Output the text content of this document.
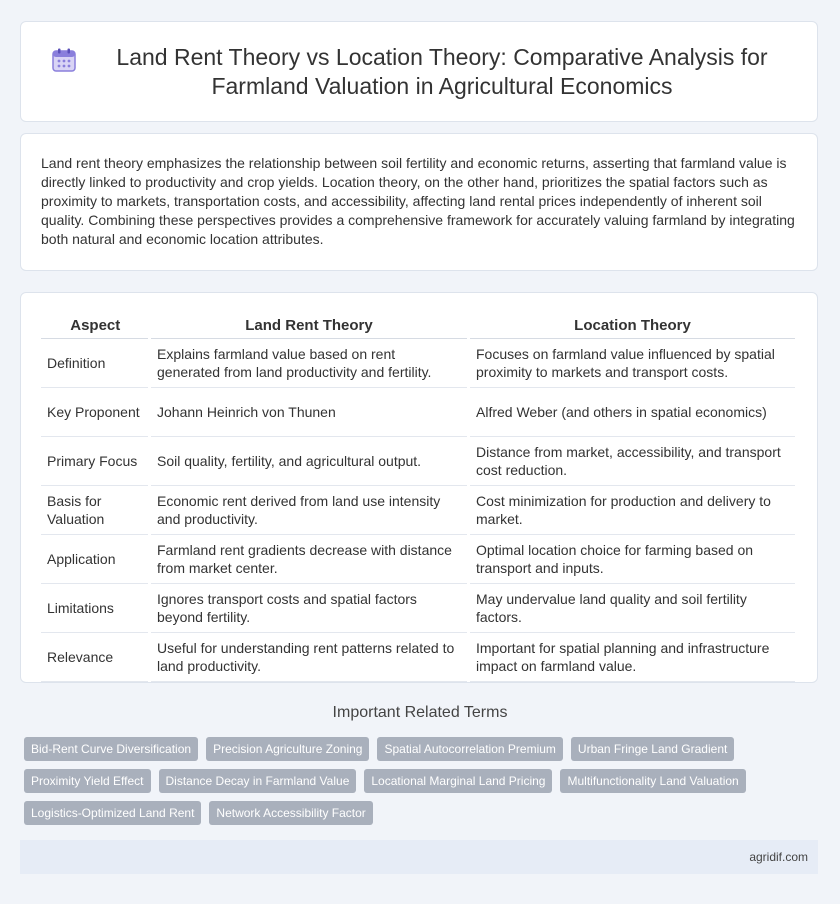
Land Rent Theory vs Location Theory: Comparative Analysis for Farmland Valuation in Agricultural Economics

Land rent theory emphasizes the relationship between soil fertility and economic returns, asserting that farmland value is directly linked to productivity and crop yields. Location theory, on the other hand, prioritizes the spatial factors such as proximity to markets, transportation costs, and accessibility, affecting land rental prices independently of inherent soil quality. Combining these perspectives provides a comprehensive framework for accurately valuing farmland by integrating both natural and economic location attributes.

Aspect	Land Rent Theory	Location Theory
Definition	Explains farmland value based on rent generated from land productivity and fertility.	Focuses on farmland value influenced by spatial proximity to markets and transport costs.
Key Proponent	Johann Heinrich von Thunen	Alfred Weber (and others in spatial economics)
Primary Focus	Soil quality, fertility, and agricultural output.	Distance from market, accessibility, and transport cost reduction.
Basis for Valuation	Economic rent derived from land use intensity and productivity.	Cost minimization for production and delivery to market.
Application	Farmland rent gradients decrease with distance from market center.	Optimal location choice for farming based on transport and inputs.
Limitations	Ignores transport costs and spatial factors beyond fertility.	May undervalue land quality and soil fertility factors.
Relevance	Useful for understanding rent patterns related to land productivity.	Important for spatial planning and infrastructure impact on farmland value.
Important Related Terms
Bid-Rent Curve Diversification	Precision Agriculture Zoning	Spatial Autocorrelation Premium	Urban Fringe Land Gradient
Proximity Yield Effect	Distance Decay in Farmland Value	Locational Marginal Land Pricing	Multifunctionality Land Valuation
Logistics-Optimized Land Rent	Network Accessibility Factor
agridif.com
